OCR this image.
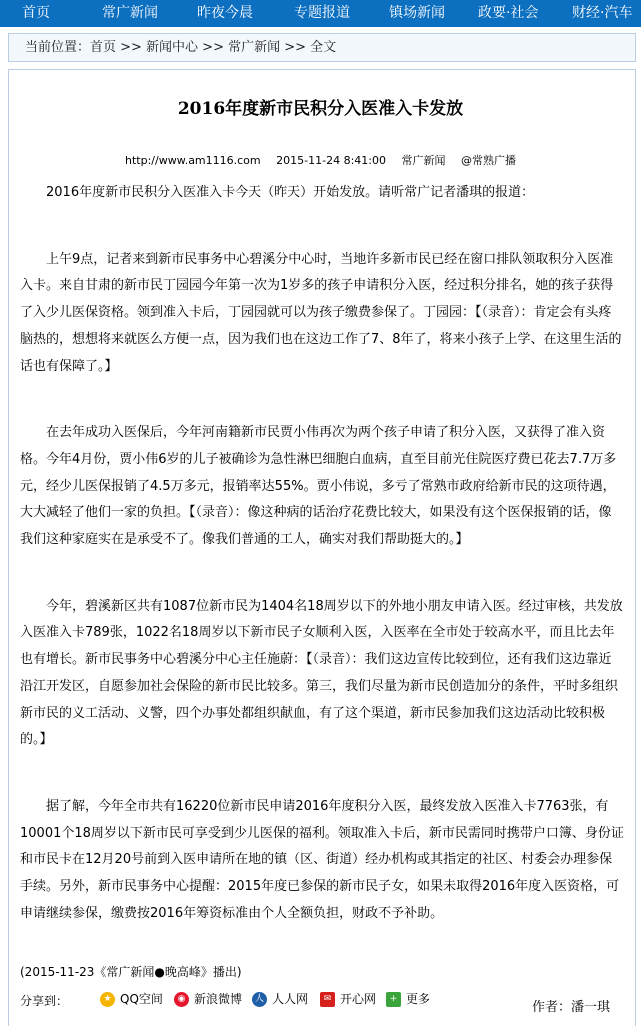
首页	常广新闻	昨夜今晨	专题报道	镇场新闻 政要·社会 财经·汽车
当前位置：首页 >> 新闻中心 >> 常广新闻 >> 全文
2016年度新市民积分入医准入卡发放
http://www.am1116.com 2015-11-24 8:41:00 常广新闻 @常熟广播

2016年度新市民积分入医准入卡今天（昨天）开始发放。请听常广记者潘琪的报道：

上午9点，记者来到新市民事务中心碧溪分中心时，当地许多新市民已经在窗口排队领取积分入医准入卡。来自甘肃的新市民丁园园今年第一次为1岁多的孩子申请积分入医，经过积分排名，她的孩子获得了入少儿医保资格。领到准入卡后，丁园园就可以为孩子缴费参保了。丁园园：【（录音）：肯定会有头疼脑热的，想想将来就医么方便一点，因为我们也在这边工作了7、8年了，将来小孩子上学、在这里生活的话也有保障了。】

在去年成功入医保后，今年河南籍新市民贾小伟再次为两个孩子申请了积分入医，又获得了准入资格。今年4月份，贾小伟6岁的儿子被确诊为急性淋巴细胞白血病，直至目前光住院医疗费已花去7.7万多元，经少儿医保报销了4.5万多元，报销率达55%。贾小伟说，多亏了常熟市政府给新市民的这项待遇，大大减轻了他们一家的负担。【（录音）：像这种病的话治疗花费比较大，如果没有这个医保报销的话，像我们这种家庭实在是承受不了。像我们普通的工人，确实对我们帮助挺大的。】

今年，碧溪新区共有1087位新市民为1404名18周岁以下的外地小朋友申请入医。经过审核，共发放入医准入卡789张，1022名18周岁以下新市民子女顺利入医，入医率在全市处于较高水平，而且比去年也有增长。新市民事务中心碧溪分中心主任施蔚：【（录音）：我们这边宣传比较到位，还有我们这边靠近沿江开发区，自愿参加社会保险的新市民比较多。第三，我们尽量为新市民创造加分的条件，平时多组织新市民的义工活动、义警，四个办事处都组织献血，有了这个渠道，新市民参加我们这边活动比较积极的。】

据了解，今年全市共有16220位新市民申请2016年度积分入医，最终发放入医准入卡7763张，有10001个18周岁以下新市民可享受到少儿医保的福利。领取准入卡后，新市民需同时携带户口簿、身份证和市民卡在12月20号前到入医申请所在地的镇（区、街道）经办机构或其指定的社区、村委会办理参保手续。另外，新市民事务中心提醒：2015年度已参保的新市民子女，如果未取得2016年度入医资格，可申请继续参保，缴费按2016年筹资标准由个人全额负担，财政不予补助。

(2015-11-23《常广新闻●晚高峰》播出)
分享到：	★ QQ空间	◉ 新浪微博	人 人人网	✉ 开心网	+ 更多
作者：潘一琪
